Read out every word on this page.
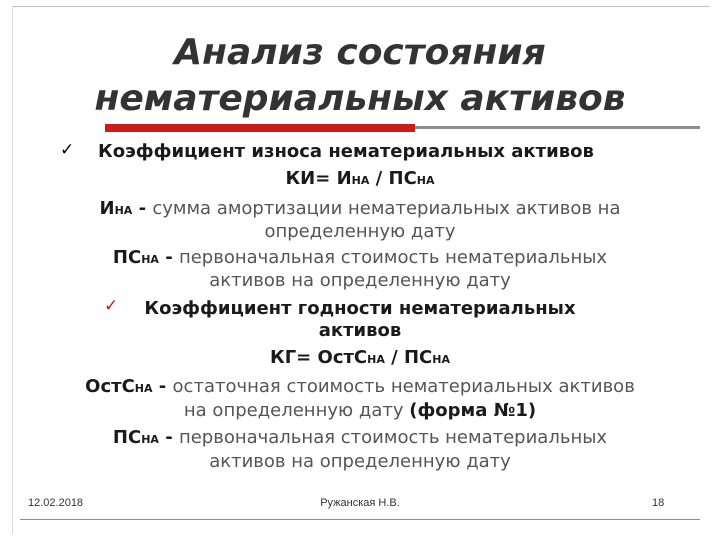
Анализ состояния
нематериальных активов
✓ Коэффициент износа нематериальных активов
КИ= ИНА / ПСНА
ИНА - сумма амортизации нематериальных активов на
определенную дату
ПСНА - первоначальная стоимость нематериальных
активов на определенную дату
✓	Коэффициент годности нематериальных
активов
КГ= ОстСНА / ПСНА
ОстСНА - остаточная стоимость нематериальных активов
на определенную дату (форма №1)
ПСНА - первоначальная стоимость нематериальных
активов на определенную дату
12.02.2018	Ружанская Н.В.	18
